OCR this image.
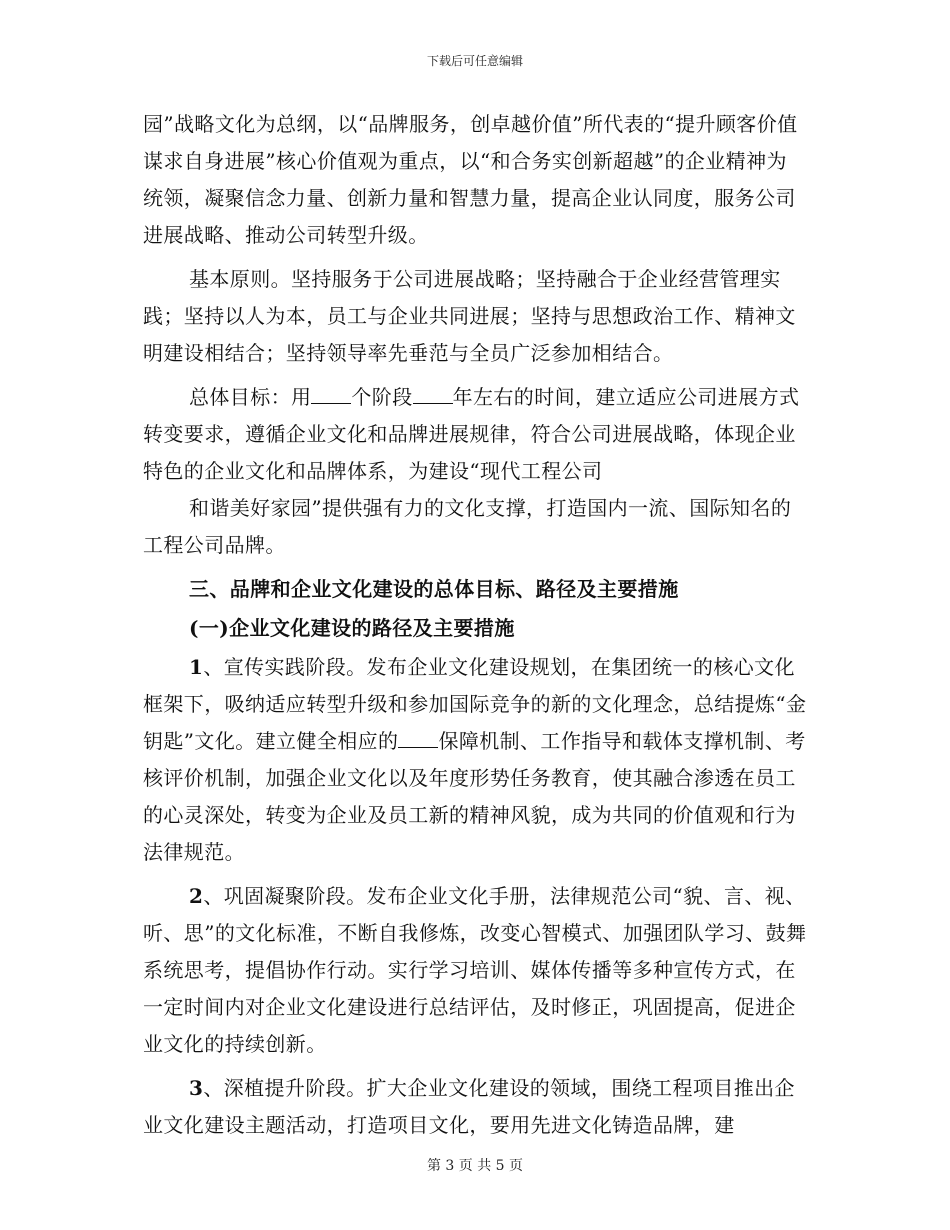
下载后可任意编辑

园”战略文化为总纲，以“品牌服务，创卓越价值”所代表的“提升顾客价值谋求自身进展”核心价值观为重点，以“和合务实创新超越”的企业精神为统领，凝聚信念力量、创新力量和智慧力量，提高企业认同度，服务公司进展战略、推动公司转型升级。

基本原则。坚持服务于公司进展战略；坚持融合于企业经营管理实践；坚持以人为本，员工与企业共同进展；坚持与思想政治工作、精神文明建设相结合；坚持领导率先垂范与全员广泛参加相结合。

总体目标：用 个阶段 年左右的时间，建立适应公司进展方式转变要求，遵循企业文化和品牌进展规律，符合公司进展战略，体现企业特色的企业文化和品牌体系，为建设“现代工程公司

和谐美好家园”提供强有力的文化支撑，打造国内一流、国际知名的工程公司品牌。

三、品牌和企业文化建设的总体目标、路径及主要措施
(一)企业文化建设的路径及主要措施

1、宣传实践阶段。发布企业文化建设规划，在集团统一的核心文化框架下，吸纳适应转型升级和参加国际竞争的新的文化理念，总结提炼“金钥匙”文化。建立健全相应的 保障机制、工作指导和载体支撑机制、考核评价机制，加强企业文化以及年度形势任务教育，使其融合渗透在员工的心灵深处，转变为企业及员工新的精神风貌，成为共同的价值观和行为法律规范。

2、巩固凝聚阶段。发布企业文化手册，法律规范公司“貌、言、视、听、思”的文化标准，不断自我修炼，改变心智模式、加强团队学习、鼓舞系统思考，提倡协作行动。实行学习培训、媒体传播等多种宣传方式，在一定时间内对企业文化建设进行总结评估，及时修正，巩固提高，促进企业文化的持续创新。

3、深植提升阶段。扩大企业文化建设的领域，围绕工程项目推出企业文化建设主题活动，打造项目文化，要用先进文化铸造品牌，建

第 3 页 共 5 页
